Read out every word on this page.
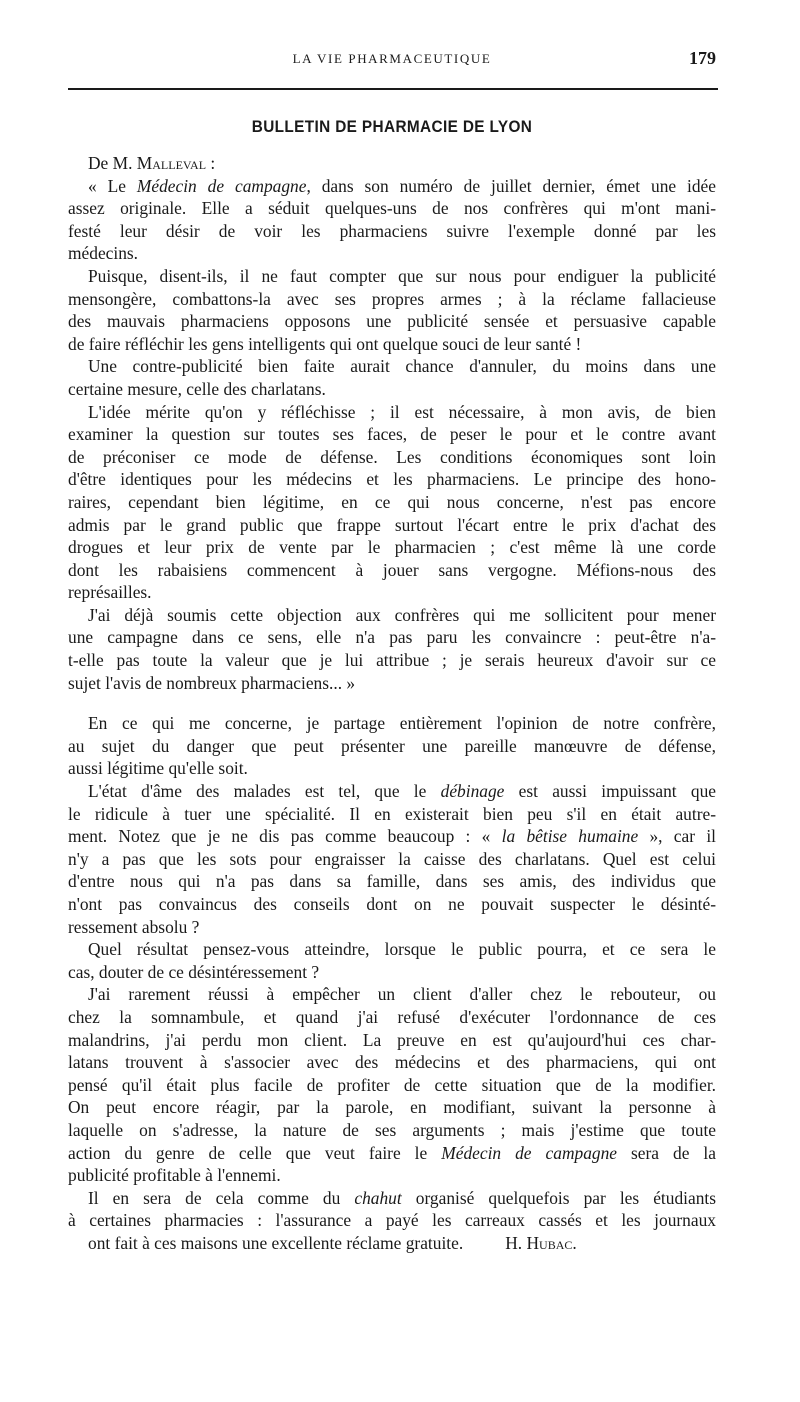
LA VIE PHARMACEUTIQUE	179
BULLETIN DE PHARMACIE DE LYON
De M. Malleval :
« Le Médecin de campagne, dans son numéro de juillet dernier, émet une idée
assez originale. Elle a séduit quelques-uns de nos confrères qui m'ont mani-
festé leur désir de voir les pharmaciens suivre l'exemple donné par les
médecins.
Puisque, disent-ils, il ne faut compter que sur nous pour endiguer la publicité
mensongère, combattons-la avec ses propres armes ; à la réclame fallacieuse
des mauvais pharmaciens opposons une publicité sensée et persuasive capable
de faire réfléchir les gens intelligents qui ont quelque souci de leur santé !
Une contre-publicité bien faite aurait chance d'annuler, du moins dans une
certaine mesure, celle des charlatans.
L'idée mérite qu'on y réfléchisse ; il est nécessaire, à mon avis, de bien
examiner la question sur toutes ses faces, de peser le pour et le contre avant
de préconiser ce mode de défense. Les conditions économiques sont loin
d'être identiques pour les médecins et les pharmaciens. Le principe des hono-
raires, cependant bien légitime, en ce qui nous concerne, n'est pas encore
admis par le grand public que frappe surtout l'écart entre le prix d'achat des
drogues et leur prix de vente par le pharmacien ; c'est même là une corde
dont les rabaisiens commencent à jouer sans vergogne. Méfions-nous des
représailles.
J'ai déjà soumis cette objection aux confrères qui me sollicitent pour mener
une campagne dans ce sens, elle n'a pas paru les convaincre : peut-être n'a-
t-elle pas toute la valeur que je lui attribue ; je serais heureux d'avoir sur ce
sujet l'avis de nombreux pharmaciens... »
En ce qui me concerne, je partage entièrement l'opinion de notre confrère,
au sujet du danger que peut présenter une pareille manœuvre de défense,
aussi légitime qu'elle soit.
L'état d'âme des malades est tel, que le débinage est aussi impuissant que
le ridicule à tuer une spécialité. Il en existerait bien peu s'il en était autre-
ment. Notez que je ne dis pas comme beaucoup : « la bêtise humaine », car il
n'y a pas que les sots pour engraisser la caisse des charlatans. Quel est celui
d'entre nous qui n'a pas dans sa famille, dans ses amis, des individus que
n'ont pas convaincus des conseils dont on ne pouvait suspecter le désinté-
ressement absolu ?
Quel résultat pensez-vous atteindre, lorsque le public pourra, et ce sera le
cas, douter de ce désintéressement ?
J'ai rarement réussi à empêcher un client d'aller chez le rebouteur, ou
chez la somnambule, et quand j'ai refusé d'exécuter l'ordonnance de ces
malandrins, j'ai perdu mon client. La preuve en est qu'aujourd'hui ces char-
latans trouvent à s'associer avec des médecins et des pharmaciens, qui ont
pensé qu'il était plus facile de profiter de cette situation que de la modifier.
On peut encore réagir, par la parole, en modifiant, suivant la personne à
laquelle on s'adresse, la nature de ses arguments ; mais j'estime que toute
action du genre de celle que veut faire le Médecin de campagne sera de la
publicité profitable à l'ennemi.
Il en sera de cela comme du chahut organisé quelquefois par les étudiants
à certaines pharmacies : l'assurance a payé les carreaux cassés et les journaux
ont fait à ces maisons une excellente réclame gratuite. H. Hubac.
